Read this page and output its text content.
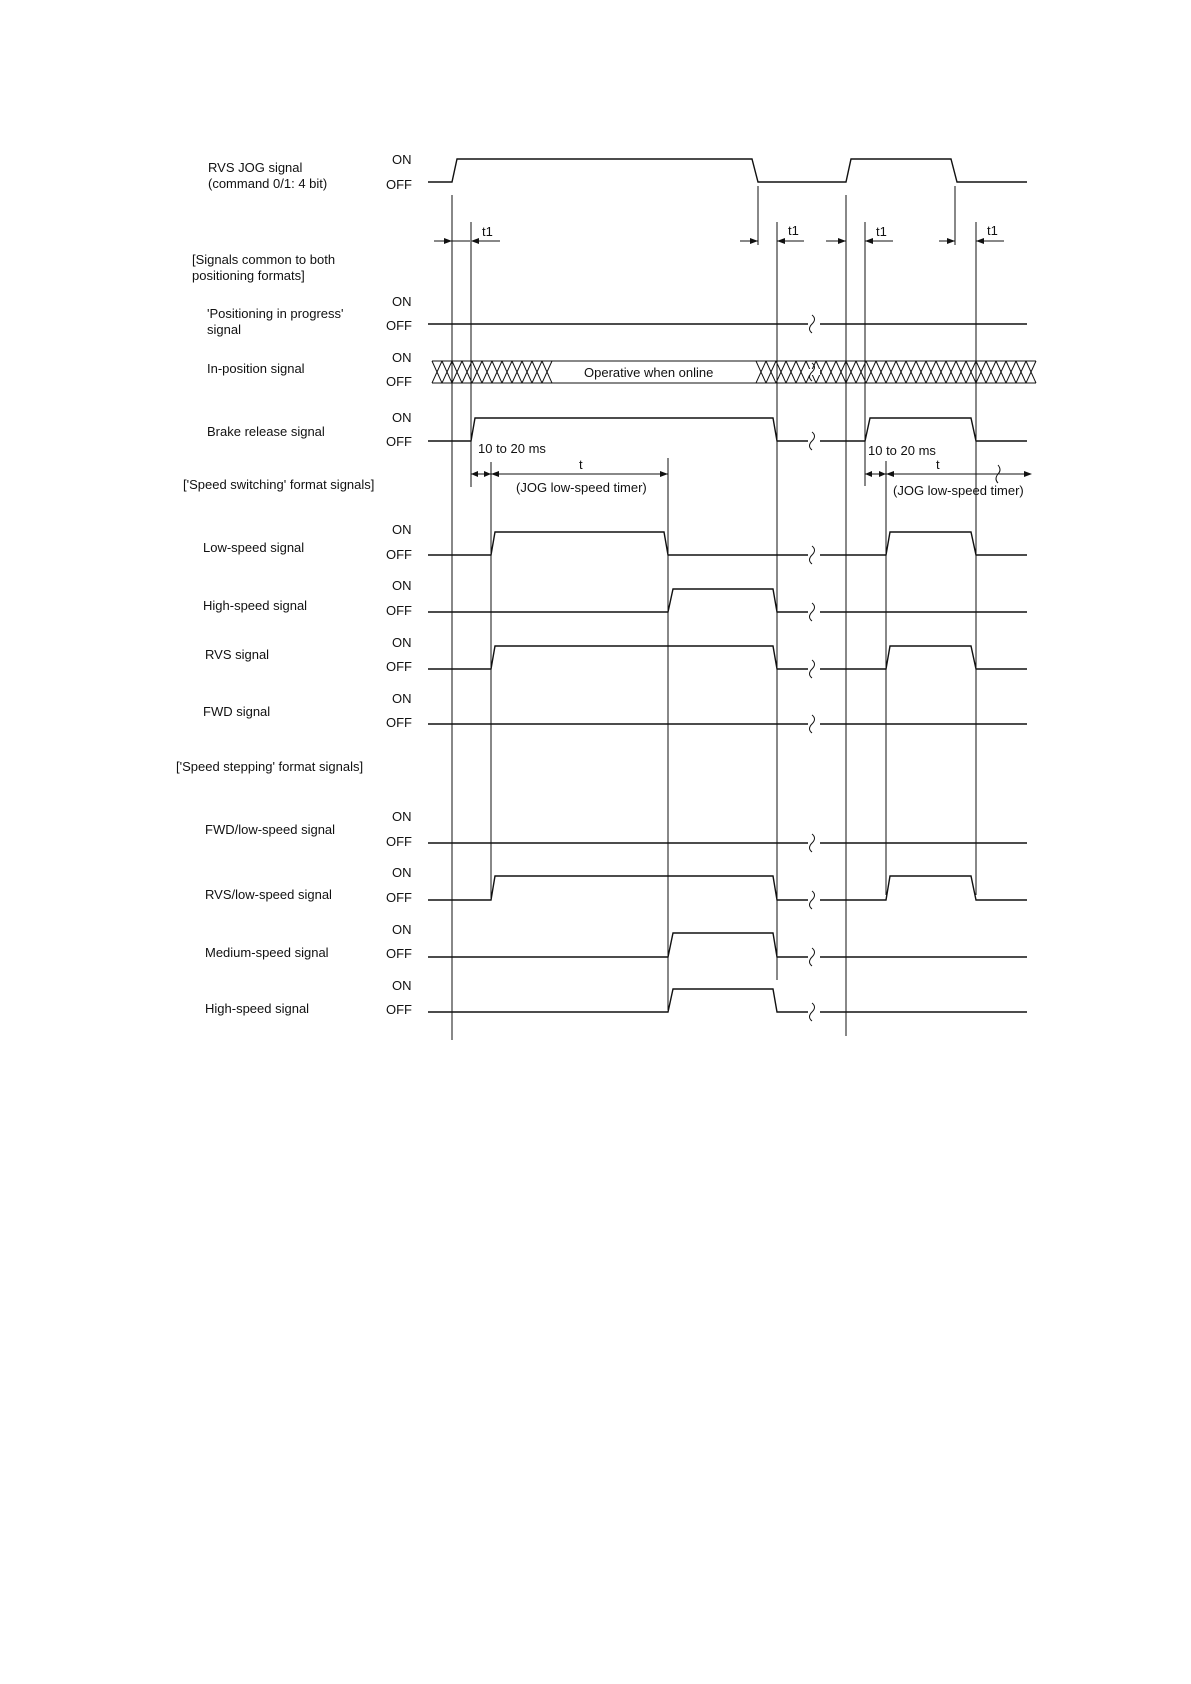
RVS JOG signal
(command 0/1: 4 bit)
[Signals common to both
positioning formats]
'Positioning in progress'
signal
In-position signal
Brake release signal
['Speed switching' format signals]
Low-speed signal
High-speed signal
RVS signal
FWD signal
['Speed stepping' format signals]
FWD/low-speed signal
RVS/low-speed signal
Medium-speed signal
High-speed signal
ON
OFF
ON
OFF
ON
OFF
ON
OFF
ON
OFF
ON
OFF
ON
OFF
ON
OFF
ON
OFF
ON
OFF
ON
OFF
ON
OFF
Operative when online
t1	t1	t1	t1
10 to 20 ms
t
(JOG low-speed timer)
10 to 20 ms
t
(JOG low-speed timer)
